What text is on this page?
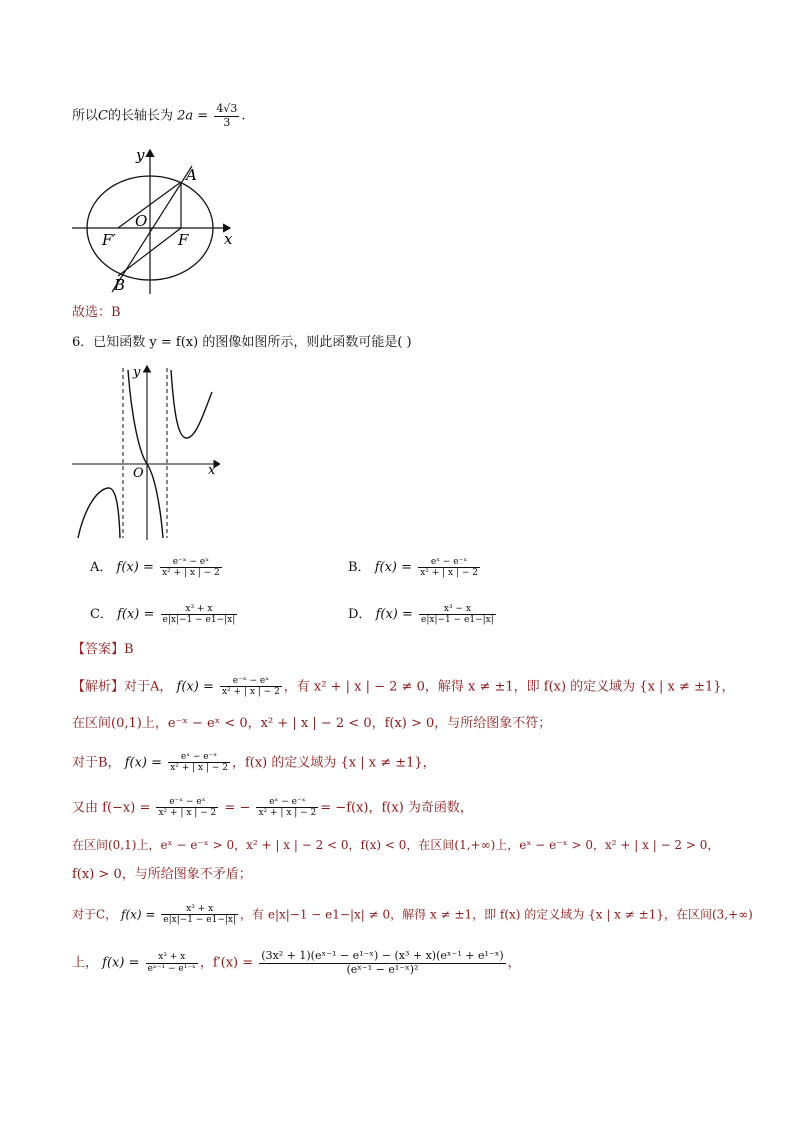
所以C的长轴长为 $2a = \frac{4√3}{3}$ .
y
x
A
B
O
F
F′
故选：B
6．已知函数 y = f(x) 的图像如图所示，则此函数可能是( )
y
x
O
A． $f(x) = \frac{\text{e⁻ˣ − eˣ}}{\text{x² + | x | − 2}}$	B． $f(x) = \frac{\text{eˣ − e⁻ˣ}}{\text{x² + | x | − 2}}$
C． $f(x) = \frac{\text{x³ + x}}{e|x|-1 - e1-|x|}$	D． $f(x) = \frac{\text{x³ − x}}{e|x|-1 - e1-|x|}$
【答案】B
【解析】对于A， $f(x) = \frac{\text{e⁻ˣ − eˣ}}{\text{x² + | x | − 2}}$ ，有 x² + | x | − 2 ≠ 0，解得 x ≠ ±1，即 f(x) 的定义域为 {x | x ≠ ±1}，
在区间(0,1)上，e⁻ˣ − eˣ < 0，x² + | x | − 2 < 0，f(x) > 0，与所给图象不符；
对于B， $f(x) = \frac{\text{eˣ − e⁻ˣ}}{\text{x² + | x | − 2}}$ ，f(x) 的定义域为 {x | x ≠ ±1}，
又由 $f(-x) = \frac{\text{e⁻ˣ − eˣ}}{\text{x² + | x | − 2}}$ = − $\frac{\text{eˣ − e⁻ˣ}}{\text{x² + | x | − 2}} = -f(x)$，f(x) 为奇函数，
在区间(0,1)上，eˣ − e⁻ˣ > 0，x² + | x | − 2 < 0，f(x) < 0，在区间(1,+∞)上，eˣ − e⁻ˣ > 0，x² + | x | − 2 > 0，
f(x) > 0，与所给图象不矛盾；
对于C， $f(x) = \frac{\text{x³ + x}}{e|x|-1 - e1-|x|}$ ，有 e|x|−1 − e1−|x| ≠ 0，解得 x ≠ ±1，即 f(x) 的定义域为 {x | x ≠ ±1}，在区间(3,+∞)
上， $f(x) = \frac{\text{x³ + x}}{\text{eˣ⁻¹ − e¹⁻ˣ}}$ ，$f'(x) = \frac{\text{(3x² + 1)(eˣ⁻¹ − e¹⁻ˣ) − (x³ + x)(eˣ⁻¹ + e¹⁻ˣ)}}{\text{(eˣ⁻¹ − e¹⁻ˣ)²}}$ ，
